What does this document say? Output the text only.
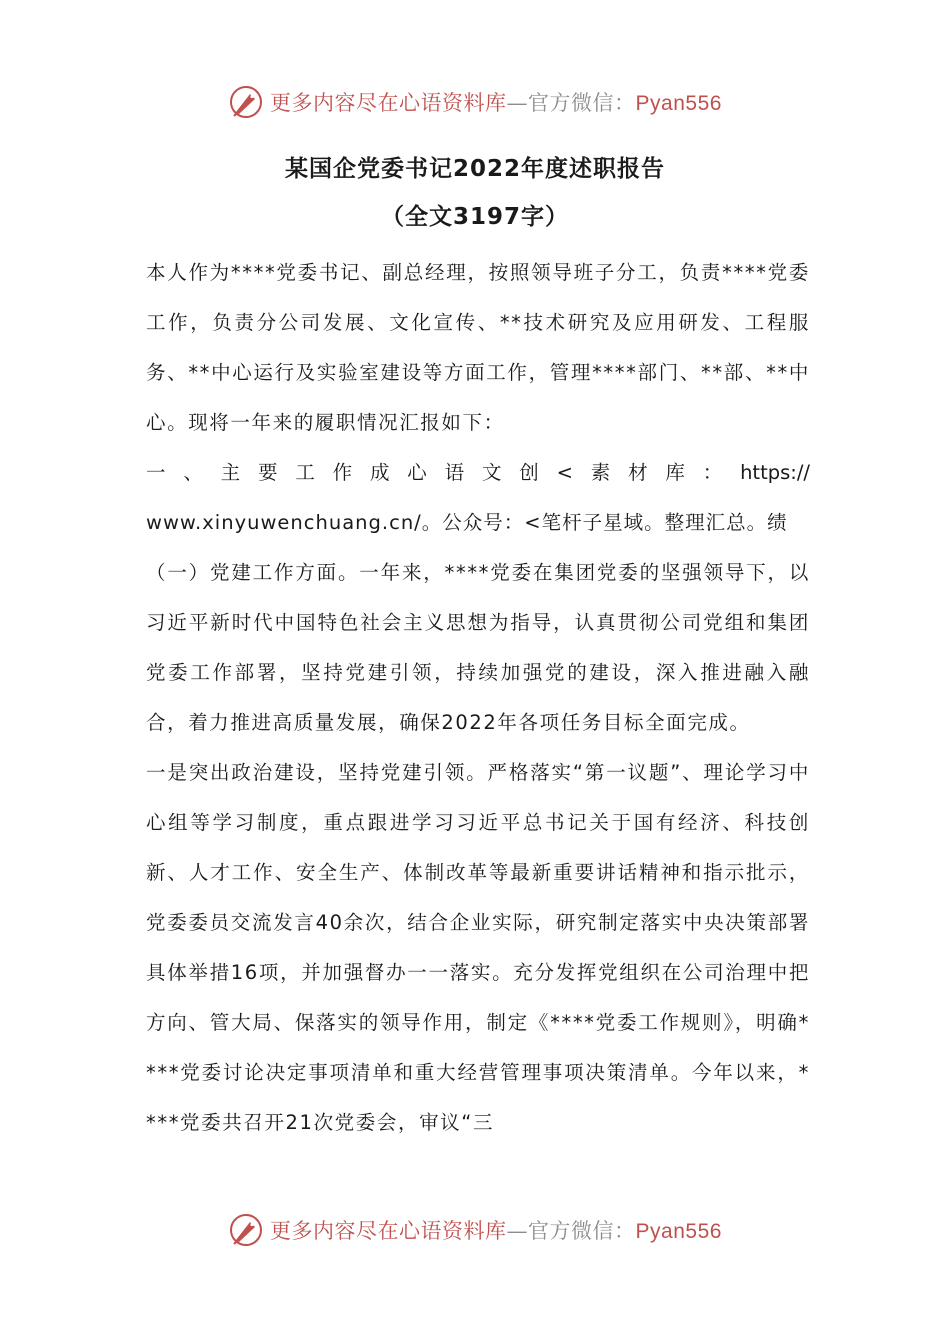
更多内容尽在心语资料库—官方微信：Pyan556
某国企党委书记2022年度述职报告
（全文3197字）

本人作为****党委书记、副总经理，按照领导班子分工，负责****党委工作，负责分公司发展、文化宣传、**技术研究及应用研发、工程服务、**中心运行及实验室建设等方面工作，管理****部门、**部、**中心。现将一年来的履职情况汇报如下：

一 、 主 要 工 作 成 心 语 文 创 < 素 材 库 ： https://

www.xinyuwenchuang.cn/。公众号：<笔杆子星域。整理汇总。绩

（一）党建工作方面。一年来，****党委在集团党委的坚强领导下，以习近平新时代中国特色社会主义思想为指导，认真贯彻公司党组和集团党委工作部署，坚持党建引领，持续加强党的建设，深入推进融入融合，着力推进高质量发展，确保2022年各项任务目标全面完成。

一是突出政治建设，坚持党建引领。严格落实“第一议题”、理论学习中心组等学习制度，重点跟进学习习近平总书记关于国有经济、科技创新、人才工作、安全生产、体制改革等最新重要讲话精神和指示批示，党委委员交流发言40余次，结合企业实际，研究制定落实中央决策部署具体举措16项，并加强督办一一落实。充分发挥党组织在公司治理中把方向、管大局、保落实的领导作用，制定《****党委工作规则》，明确****党委讨论决定事项清单和重大经营管理事项决策清单。今年以来，****党委共召开21次党委会，审议“三

更多内容尽在心语资料库—官方微信：Pyan556
